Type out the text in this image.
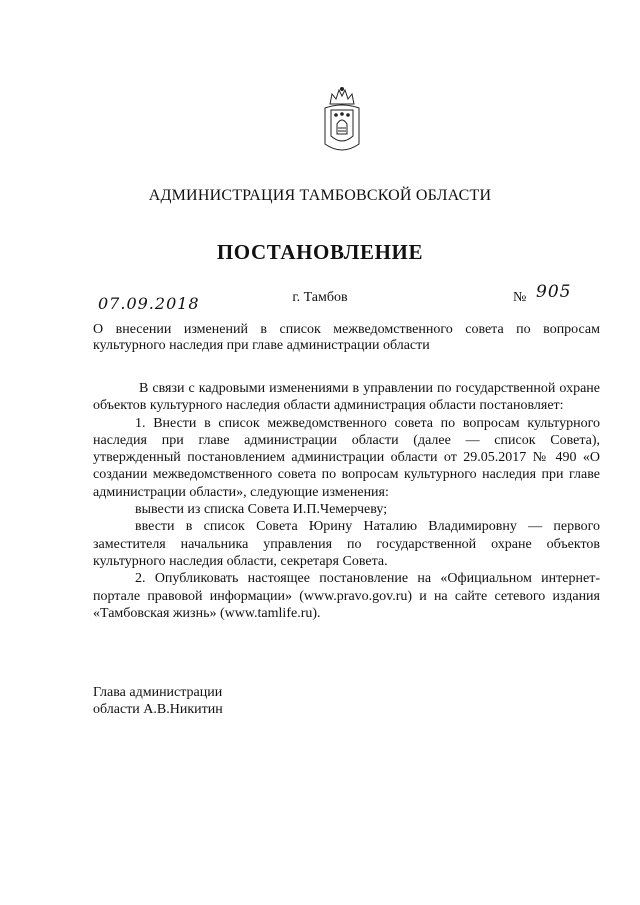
АДМИНИСТРАЦИЯ ТАМБОВСКОЙ ОБЛАСТИ
ПОСТАНОВЛЕНИЕ
07.09.2018	г. Тамбов	№ 905
О внесении изменений в список межведомственного совета по вопросам культурного наследия при главе администрации области

В связи с кадровыми изменениями в управлении по государственной охране объектов культурного наследия области администрация области постановляет:

1. Внести в список межведомственного совета по вопросам культурного наследия при главе администрации области (далее — список Совета), утвержденный постановлением администрации области от 29.05.2017 № 490 «О создании межведомственного совета по вопросам культурного наследия при главе администрации области», следующие изменения:

вывести из списка Совета И.П.Чемерчеву;

ввести в список Совета Юрину Наталию Владимировну — первого заместителя начальника управления по государственной охране объектов культурного наследия области, секретаря Совета.

2. Опубликовать настоящее постановление на «Официальном интернет-портале правовой информации» (www.pravo.gov.ru) и на сайте сетевого издания «Тамбовская жизнь» (www.tamlife.ru).

Глава администрации
области А.В.Никитин
